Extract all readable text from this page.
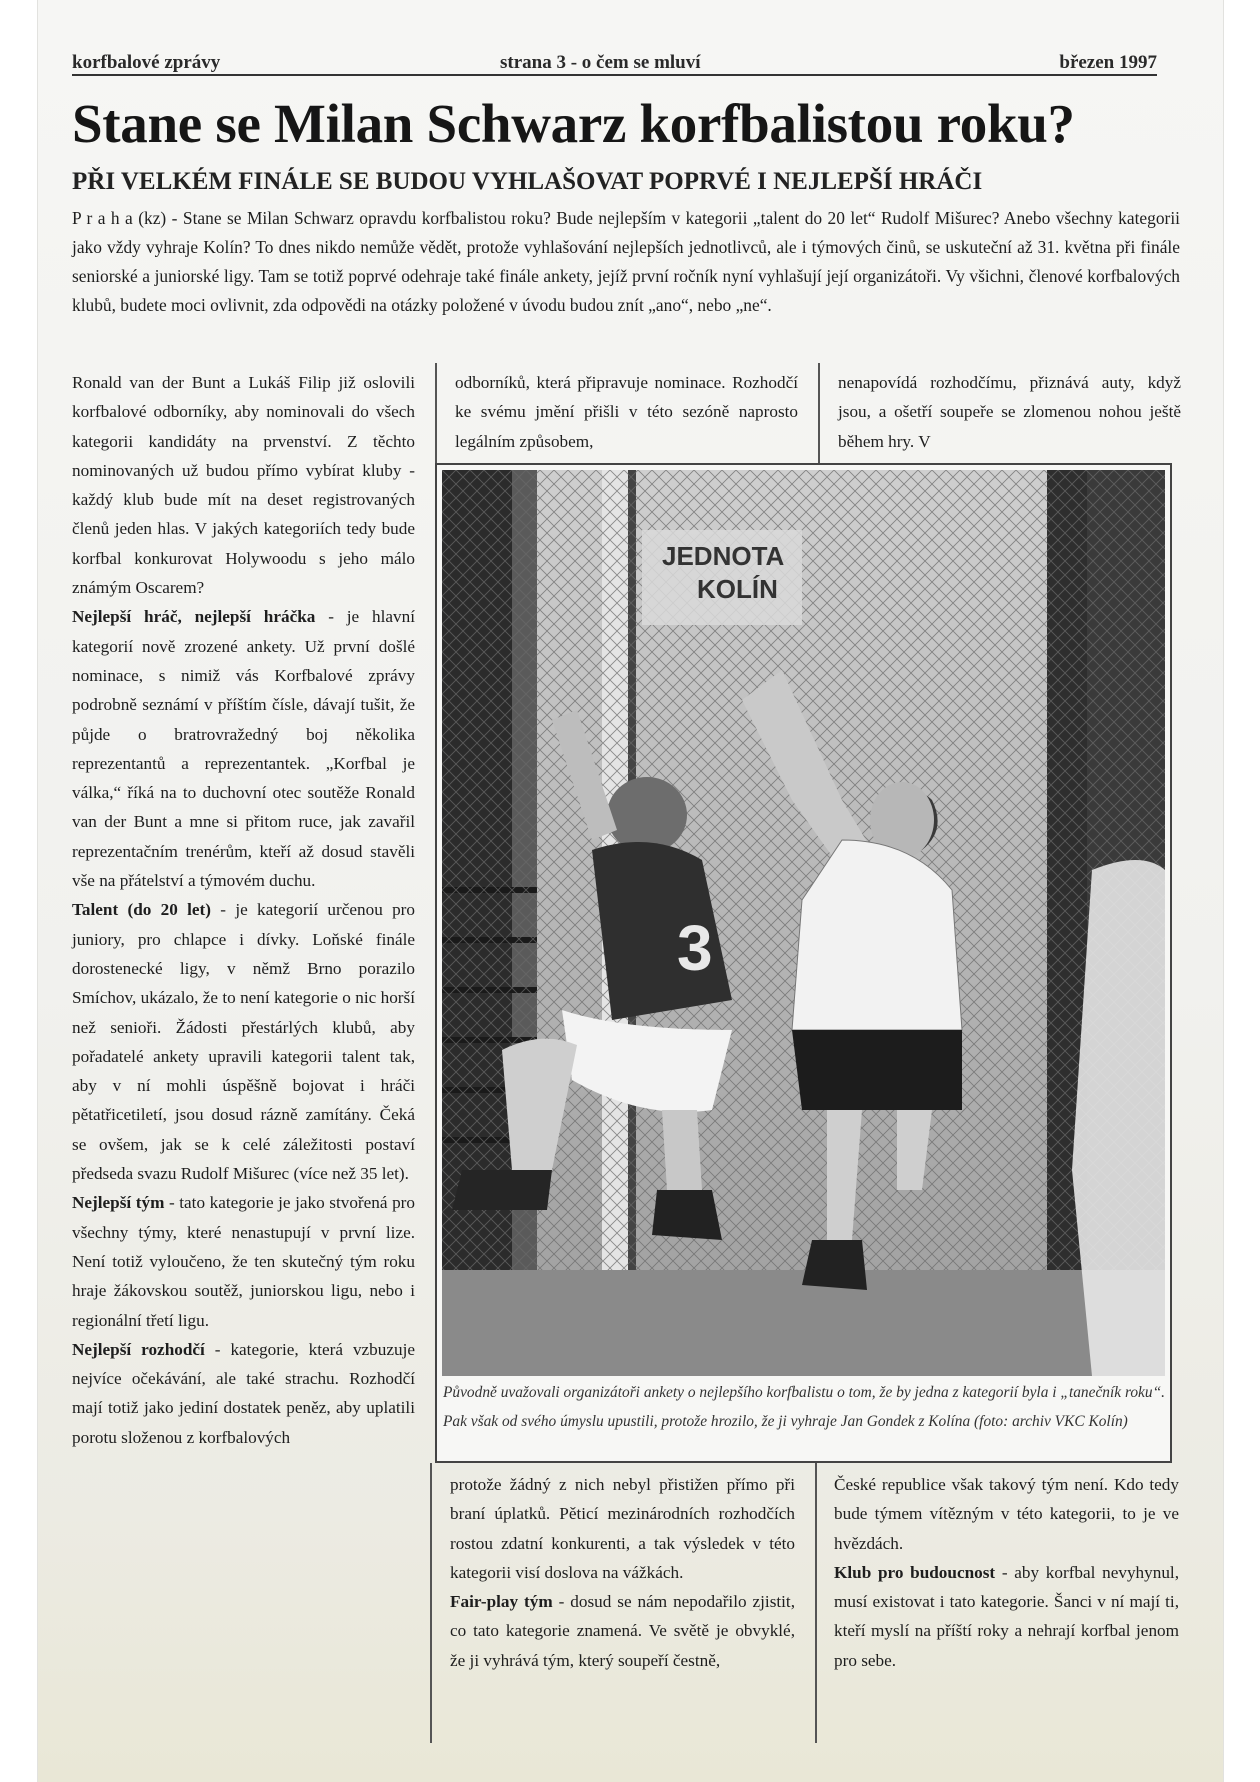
korfbalové zprávy	strana 3 - o čem se mluví	březen 1997
Stane se Milan Schwarz korfbalistou roku?
PŘI VELKÉM FINÁLE SE BUDOU VYHLAŠOVAT POPRVÉ I NEJLEPŠÍ HRÁČI

P r a h a (kz) - Stane se Milan Schwarz opravdu korfbalistou roku? Bude nejlepším v kategorii „talent do 20 let“ Rudolf Mišurec? Anebo všechny kategorii jako vždy vyhraje Kolín? To dnes nikdo nemůže vědět, protože vyhlašování nejlepších jednotlivců, ale i týmových činů, se uskuteční až 31. května při finále seniorské a juniorské ligy. Tam se totiž poprvé odehraje také finále ankety, jejíž první ročník nyní vyhlašují její organizátoři. Vy všichni, členové korfbalových klubů, budete moci ovlivnit, zda odpovědi na otázky položené v úvodu budou znít „ano“, nebo „ne“.

Ronald van der Bunt a Lukáš Filip již oslovili korfbalové odborníky, aby nominovali do všech kategorii kandidáty na prvenství. Z těchto nominovaných už budou přímo vybírat kluby - každý klub bude mít na deset registrovaných členů jeden hlas. V jakých kategoriích tedy bude korfbal konkurovat Holywoodu s jeho málo známým Oscarem?

Nejlepší hráč, nejlepší hráčka - je hlavní kategorií nově zrozené ankety. Už první došlé nominace, s nimiž vás Korfbalové zprávy podrobně seznámí v příštím čísle, dávají tušit, že půjde o bratrovražedný boj několika reprezentantů a reprezentantek. „Korfbal je válka,“ říká na to duchovní otec soutěže Ronald van der Bunt a mne si přitom ruce, jak zavařil reprezentačním trenérům, kteří až dosud stavěli vše na přátelství a týmovém duchu.

Talent (do 20 let) - je kategorií určenou pro juniory, pro chlapce i dívky. Loňské finále dorostenecké ligy, v němž Brno porazilo Smíchov, ukázalo, že to není kategorie o nic horší než senioři. Žádosti přestárlých klubů, aby pořadatelé ankety upravili kategorii talent tak, aby v ní mohli úspěšně bojovat i hráči pětatřicetiletí, jsou dosud rázně zamítány. Čeká se ovšem, jak se k celé záležitosti postaví předseda svazu Rudolf Mišurec (více než 35 let).

Nejlepší tým - tato kategorie je jako stvořená pro všechny týmy, které nenastupují v první lize. Není totiž vyloučeno, že ten skutečný tým roku hraje žákovskou soutěž, juniorskou ligu, nebo i regionální třetí ligu.

Nejlepší rozhodčí - kategorie, která vzbuzuje nejvíce očekávání, ale také strachu. Rozhodčí mají totiž jako jediní dostatek peněz, aby uplatili porotu složenou z korfbalových

odborníků, která připravuje nominace. Rozhodčí ke svému jmění přišli v této sezóně naprosto legálním způsobem,
nenapovídá rozhodčímu, přiznává auty, když jsou, a ošetří soupeře se zlomenou nohou ještě během hry. V
JEDNOTA
KOLÍN
3
Původně uvažovali organizátoři ankety o nejlepšího korfbalistu o tom, že by jedna z kategorií byla i „tanečník roku“. Pak však od svého úmyslu upustili, protože hrozilo, že ji vyhraje Jan Gondek z Kolína (foto: archiv VKC Kolín)

protože žádný z nich nebyl přistižen přímo při braní úplatků. Pěticí mezinárodních rozhodčích rostou zdatní konkurenti, a tak výsledek v této kategorii visí doslova na vážkách.

Fair-play tým - dosud se nám nepodařilo zjistit, co tato kategorie znamená. Ve světě je obvyklé, že ji vyhrává tým, který soupeří čestně,

České republice však takový tým není. Kdo tedy bude týmem vítězným v této kategorii, to je ve hvězdách.

Klub pro budoucnost - aby korfbal nevyhynul, musí existovat i tato kategorie. Šanci v ní mají ti, kteří myslí na příští roky a nehrají korfbal jenom pro sebe.
